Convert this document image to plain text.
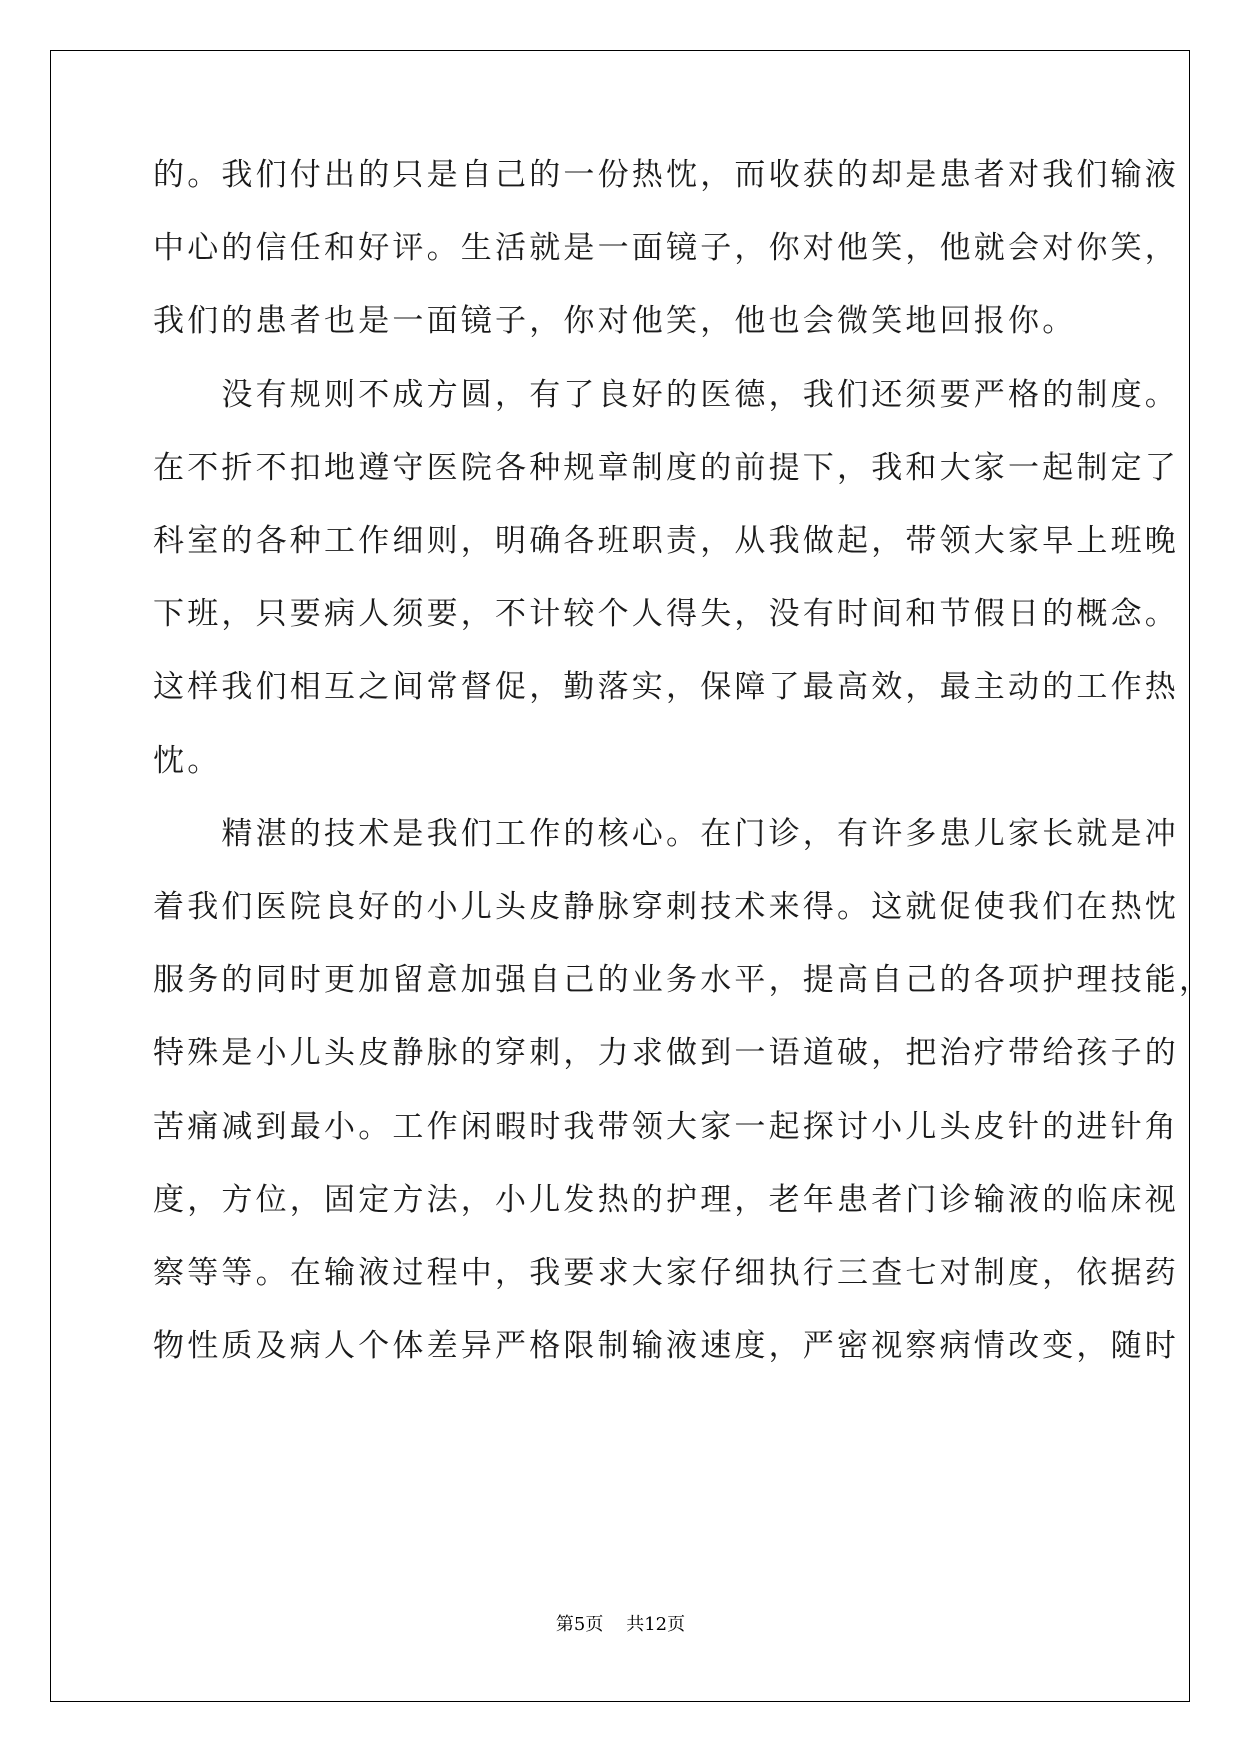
的。我们付出的只是自己的一份热忱，而收获的却是患者对我们输液
中心的信任和好评。生活就是一面镜子，你对他笑，他就会对你笑，
我们的患者也是一面镜子，你对他笑，他也会微笑地回报你。
　　没有规则不成方圆，有了良好的医德，我们还须要严格的制度。
在不折不扣地遵守医院各种规章制度的前提下，我和大家一起制定了
科室的各种工作细则，明确各班职责，从我做起，带领大家早上班晚
下班，只要病人须要，不计较个人得失，没有时间和节假日的概念。
这样我们相互之间常督促，勤落实，保障了最高效，最主动的工作热
忱。
　　精湛的技术是我们工作的核心。在门诊，有许多患儿家长就是冲
着我们医院良好的小儿头皮静脉穿刺技术来得。这就促使我们在热忱
服务的同时更加留意加强自己的业务水平，提高自己的各项护理技能，
特殊是小儿头皮静脉的穿刺，力求做到一语道破，把治疗带给孩子的
苦痛减到最小。工作闲暇时我带领大家一起探讨小儿头皮针的进针角
度，方位，固定方法，小儿发热的护理，老年患者门诊输液的临床视
察等等。在输液过程中，我要求大家仔细执行三查七对制度，依据药
物性质及病人个体差异严格限制输液速度，严密视察病情改变，随时
第5页    共12页
